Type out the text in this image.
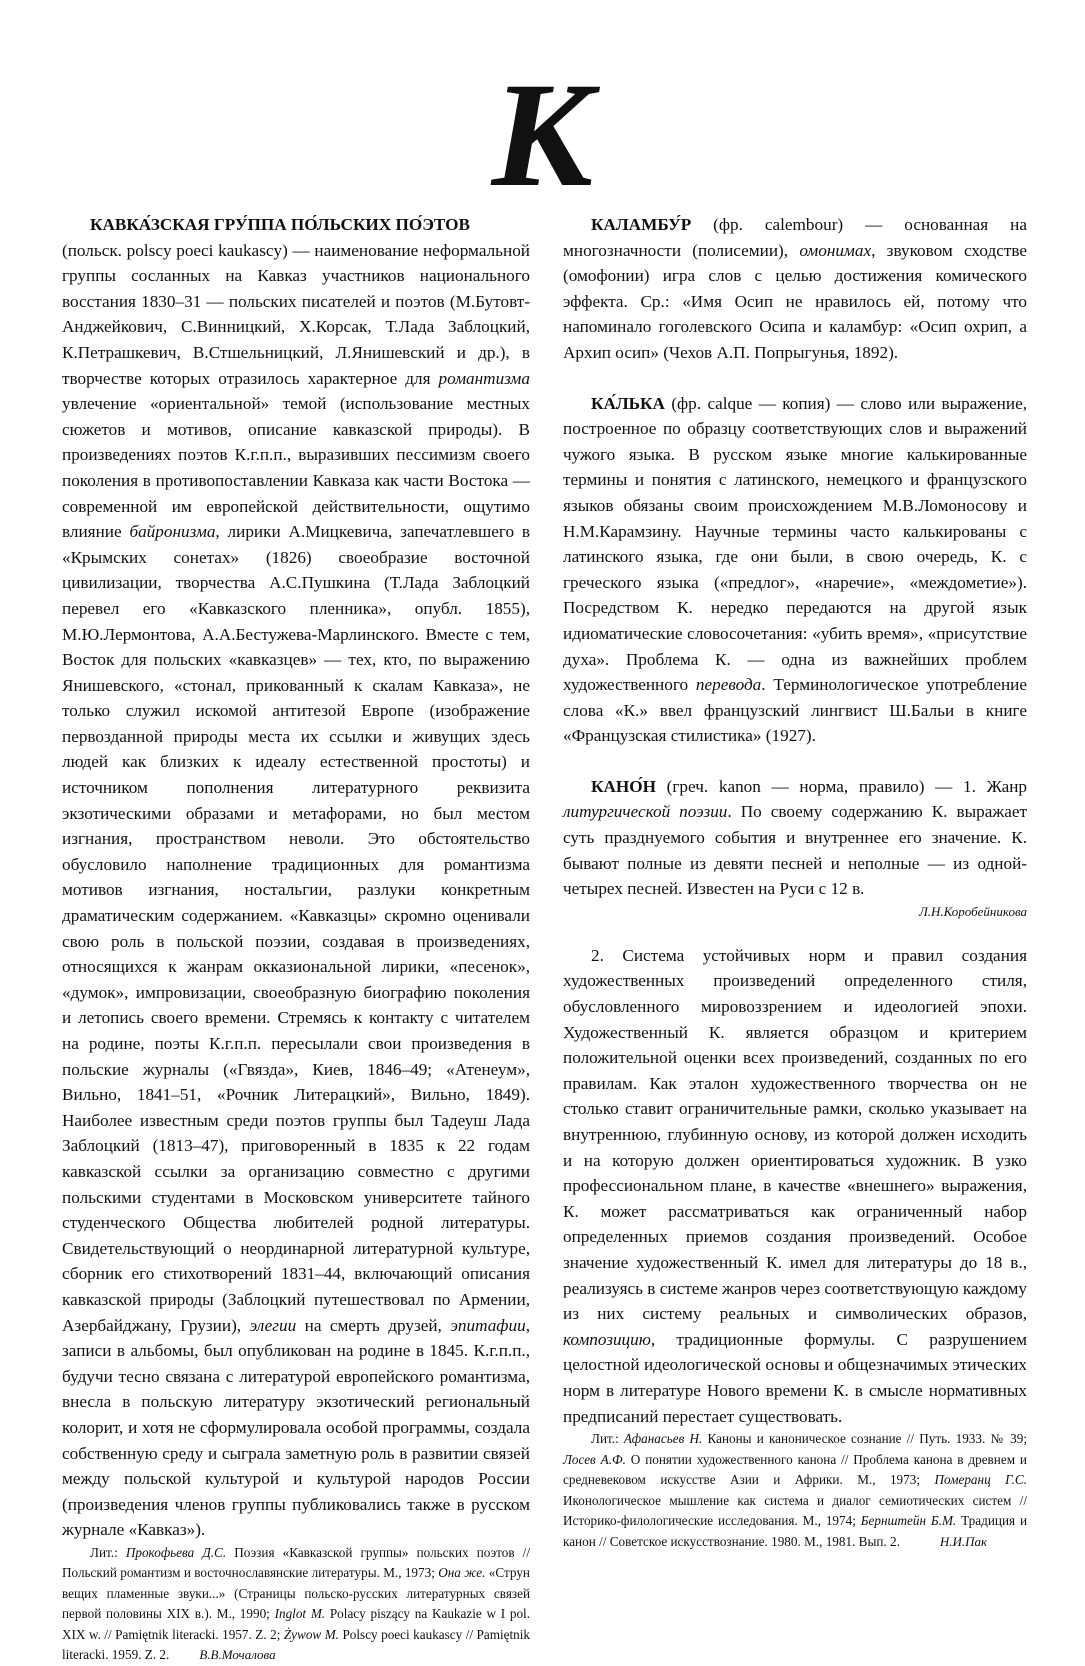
К

КАВКА́ЗСКАЯ ГРУ́ППА ПО́ЛЬСКИХ ПО́ЭТОВ
(польск. polscy poeci kaukascy) — наименование неформальной группы сосланных на Кавказ участников национального восстания 1830–31 — польских писателей и поэтов (М.Бутовт-Анджейкович, С.Винницкий, Х.Корсак, Т.Лада Заблоцкий, К.Петрашкевич, В.Стшельницкий, Л.Янишевский и др.), в творчестве которых отразилось характерное для романтизма увлечение «ориентальной» темой (использование местных сюжетов и мотивов, описание кавказской природы). В произведениях поэтов К.г.п.п., выразивших пессимизм своего поколения в противопоставлении Кавказа как части Востока — современной им европейской действительности, ощутимо влияние байронизма, лирики А.Мицкевича, запечатлевшего в «Крымских сонетах» (1826) своеобразие восточной цивилизации, творчества А.С.Пушкина (Т.Лада Заблоцкий перевел его «Кавказского пленника», опубл. 1855), М.Ю.Лермонтова, А.А.Бестужева-Марлинского. Вместе с тем, Восток для польских «кавказцев» — тех, кто, по выражению Янишевского, «стонал, прикованный к скалам Кавказа», не только служил искомой антитезой Европе (изображение первозданной природы места их ссылки и живущих здесь людей как близких к идеалу естественной простоты) и источником пополнения литературного реквизита экзотическими образами и метафорами, но был местом изгнания, пространством неволи. Это обстоятельство обусловило наполнение традиционных для романтизма мотивов изгнания, ностальгии, разлуки конкретным драматическим содержанием. «Кавказцы» скромно оценивали свою роль в польской поэзии, создавая в произведениях, относящихся к жанрам окказиональной лирики, «песенок», «думок», импровизации, своеобразную биографию поколения и летопись своего времени. Стремясь к контакту с читателем на родине, поэты К.г.п.п. пересылали свои произведения в польские журналы («Гвязда», Киев, 1846–49; «Атенеум», Вильно, 1841–51, «Рочник Литерацкий», Вильно, 1849). Наиболее известным среди поэтов группы был Тадеуш Лада Заблоцкий (1813–47), приговоренный в 1835 к 22 годам кавказской ссылки за организацию совместно с другими польскими студентами в Московском университете тайного студенческого Общества любителей родной литературы. Свидетельствующий о неординарной литературной культуре, сборник его стихотворений 1831–44, включающий описания кавказской природы (Заблоцкий путешествовал по Армении, Азербайджану, Грузии), элегии на смерть друзей, эпитафии, записи в альбомы, был опубликован на родине в 1845. К.г.п.п., будучи тесно связана с литературой европейского романтизма, внесла в польскую литературу экзотический региональный колорит, и хотя не сформулировала особой программы, создала собственную среду и сыграла заметную роль в развитии связей между польской культурой и культурой народов России (произведения членов группы публиковались также в русском журнале «Кавказ»).

Лит.: Прокофьева Д.С. Поэзия «Кавказской группы» польских поэтов // Польский романтизм и восточнославянские литературы. М., 1973; Она же. «Струн вещих пламенные звуки...» (Страницы польско-русских литературных связей первой половины XIX в.). М., 1990; Inglot M. Polacy piszący na Kaukazie w I pol. XIX w. // Pamiętnik literacki. 1957. Z. 2; Żywow M. Polscy poeci kaukascy // Pamiętnik literacki. 1959. Z. 2. В.В.Мочалова

КАЛАМБУ́Р (фр. calembour) — основанная на многозначности (полисемии), омонимах, звуковом сходстве (омофонии) игра слов с целью достижения комического эффекта. Ср.: «Имя Осип не нравилось ей, потому что напоминало гоголевского Осипа и каламбур: «Осип охрип, а Архип осип» (Чехов А.П. Попрыгунья, 1892).

КА́ЛЬКА (фр. calque — копия) — слово или выражение, построенное по образцу соответствующих слов и выражений чужого языка. В русском языке многие калькированные термины и понятия с латинского, немецкого и французского языков обязаны своим происхождением М.В.Ломоносову и Н.М.Карамзину. Научные термины часто калькированы с латинского языка, где они были, в свою очередь, К. с греческого языка («предлог», «наречие», «междометие»). Посредством К. нередко передаются на другой язык идиоматические словосочетания: «убить время», «присутствие духа». Проблема К. — одна из важнейших проблем художественного перевода. Терминологическое употребление слова «К.» ввел французский лингвист Ш.Бальи в книге «Французская стилистика» (1927).

КАНО́Н (греч. kanon — норма, правило) — 1. Жанр литургической поэзии. По своему содержанию К. выражает суть празднуемого события и внутреннее его значение. К. бывают полные из девяти песней и неполные — из одной-четырех песней. Известен на Руси с 12 в.

Л.Н.Коробейникова

2. Система устойчивых норм и правил создания художественных произведений определенного стиля, обусловленного мировоззрением и идеологией эпохи. Художественный К. является образцом и критерием положительной оценки всех произведений, созданных по его правилам. Как эталон художественного творчества он не столько ставит ограничительные рамки, сколько указывает на внутреннюю, глубинную основу, из которой должен исходить и на которую должен ориентироваться художник. В узко профессиональном плане, в качестве «внешнего» выражения, К. может рассматриваться как ограниченный набор определенных приемов создания произведений. Особое значение художественный К. имел для литературы до 18 в., реализуясь в системе жанров через соответствующую каждому из них систему реальных и символических образов, композицию, традиционные формулы. С разрушением целостной идеологической основы и общезначимых этических норм в литературе Нового времени К. в смысле нормативных предписаний перестает существовать.

Лит.: Афанасьев Н. Каноны и каноническое сознание // Путь. 1933. № 39; Лосев А.Ф. О понятии художественного канона // Проблема канона в древнем и средневековом искусстве Азии и Африки. М., 1973; Померанц Г.С. Иконологическое мышление как система и диалог семиотических систем // Историко-филологические исследования. М., 1974; Бернштейн Б.М. Традиция и канон // Советское искусствознание. 1980. М., 1981. Вып. 2.	Н.И.Пак
